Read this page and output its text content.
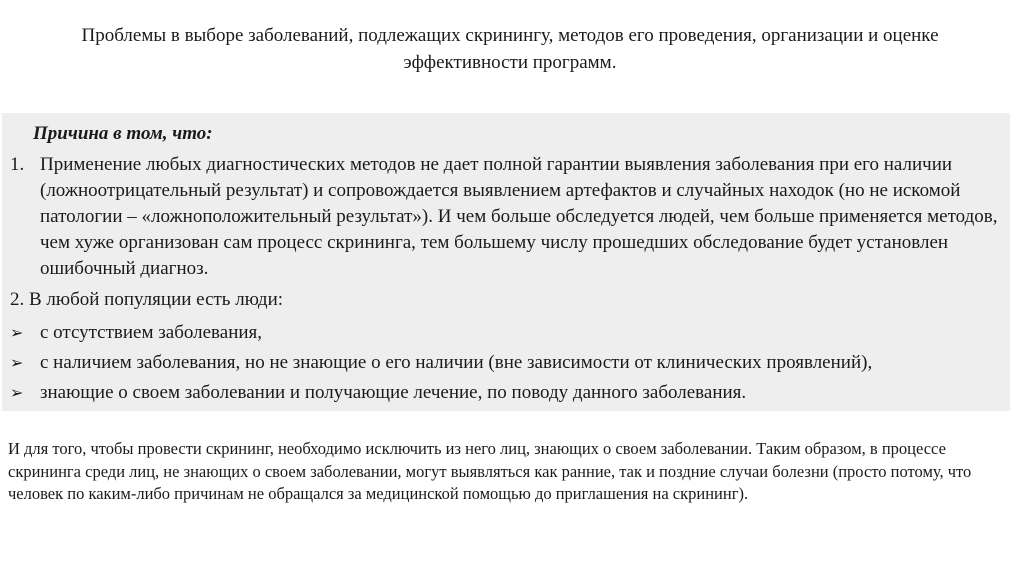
Проблемы в выборе заболеваний, подлежащих скринингу, методов его проведения, организации и оценке эффективности программ.
Причина в том, что:
1. Применение любых диагностических методов не дает полной гарантии выявления заболевания при его наличии (ложноотрицательный результат) и сопровождается выявлением артефактов и случайных находок (но не искомой патологии – «ложноположительный результат»). И чем больше обследуется людей, чем больше применяется методов, чем хуже организован сам процесс скрининга, тем большему числу прошедших обследование будет установлен ошибочный диагноз.
2. В любой популяции есть люди:
➢ с отсутствием заболевания,
➢ с наличием заболевания, но не знающие о его наличии (вне зависимости от клинических проявлений),
➢ знающие о своем заболевании и получающие лечение, по поводу данного заболевания.
И для того, чтобы провести скрининг, необходимо исключить из него лиц, знающих о своем заболевании. Таким образом, в процессе скрининга среди лиц, не знающих о своем заболевании, могут выявляться как ранние, так и поздние случаи болезни (просто потому, что человек по каким-либо причинам не обращался за медицинской помощью до приглашения на скрининг).
